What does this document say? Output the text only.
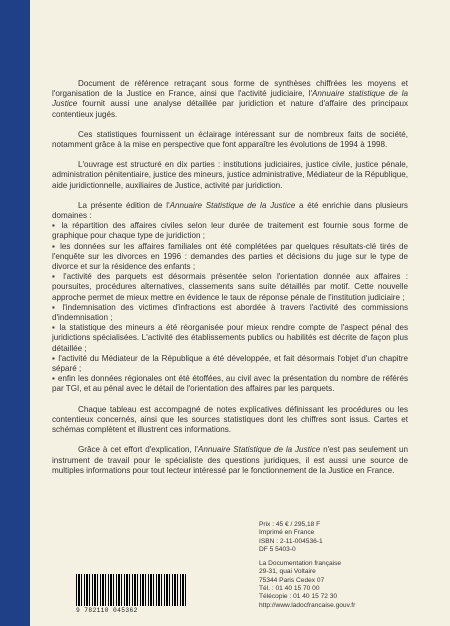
Document de référence retraçant sous forme de synthèses chiffrées les moyens et l'organisation de la Justice en France, ainsi que l'activité judiciaire, l'Annuaire statistique de la Justice fournit aussi une analyse détaillée par juridiction et nature d'affaire des principaux contentieux jugés.

Ces statistiques fournissent un éclairage intéressant sur de nombreux faits de société, notamment grâce à la mise en perspective que font apparaître les évolutions de 1994 à 1998.

L'ouvrage est structuré en dix parties : institutions judiciaires, justice civile, justice pénale, administration pénitentiaire, justice des mineurs, justice administrative, Médiateur de la République, aide juridictionnelle, auxiliaires de Justice, activité par juridiction.

La présente édition de l'Annuaire Statistique de la Justice a été enrichie dans plusieurs domaines :

▪ la répartition des affaires civiles selon leur durée de traitement est fournie sous forme de graphique pour chaque type de juridiction ;

▪ les données sur les affaires familiales ont été complétées par quelques résultats-clé tirés de l'enquête sur les divorces en 1996 : demandes des parties et décisions du juge sur le type de divorce et sur la résidence des enfants ;

▪ l'activité des parquets est désormais présentée selon l'orientation donnée aux affaires : poursuites, procédures alternatives, classements sans suite détaillés par motif. Cette nouvelle approche permet de mieux mettre en évidence le taux de réponse pénale de l'institution judiciaire ;

▪ l'indemnisation des victimes d'infractions est abordée à travers l'activité des commissions d'indemnisation ;

▪ la statistique des mineurs a été réorganisée pour mieux rendre compte de l'aspect pénal des juridictions spécialisées. L'activité des établissements publics ou habilités est décrite de façon plus détaillée ;

▪ l'activité du Médiateur de la République a été développée, et fait désormais l'objet d'un chapitre séparé ;

▪ enfin les données régionales ont été étoffées, au civil avec la présentation du nombre de référés par TGI, et au pénal avec le détail de l'orientation des affaires par les parquets.

Chaque tableau est accompagné de notes explicatives définissant les procédures ou les contentieux concernés, ainsi que les sources statistiques dont les chiffres sont issus. Cartes et schémas complètent et illustrent ces informations.

Grâce à cet effort d'explication, l'Annuaire Statistique de la Justice n'est pas seulement un instrument de travail pour le spécialiste des questions juridiques, il est aussi une source de multiples informations pour tout lecteur intéressé par le fonctionnement de la Justice en France.

Prix : 45 € / 295,18 F
Imprimé en France
ISBN : 2-11-004536-1
DF 5 5403-0
La Documentation française
29-31, quai Voltaire
75344 Paris Cedex 07
Tél. : 01 40 15 70 00
Télécopie : 01 40 15 72 30
http://www.ladocfrancaise.gouv.fr
9 782110 045362
